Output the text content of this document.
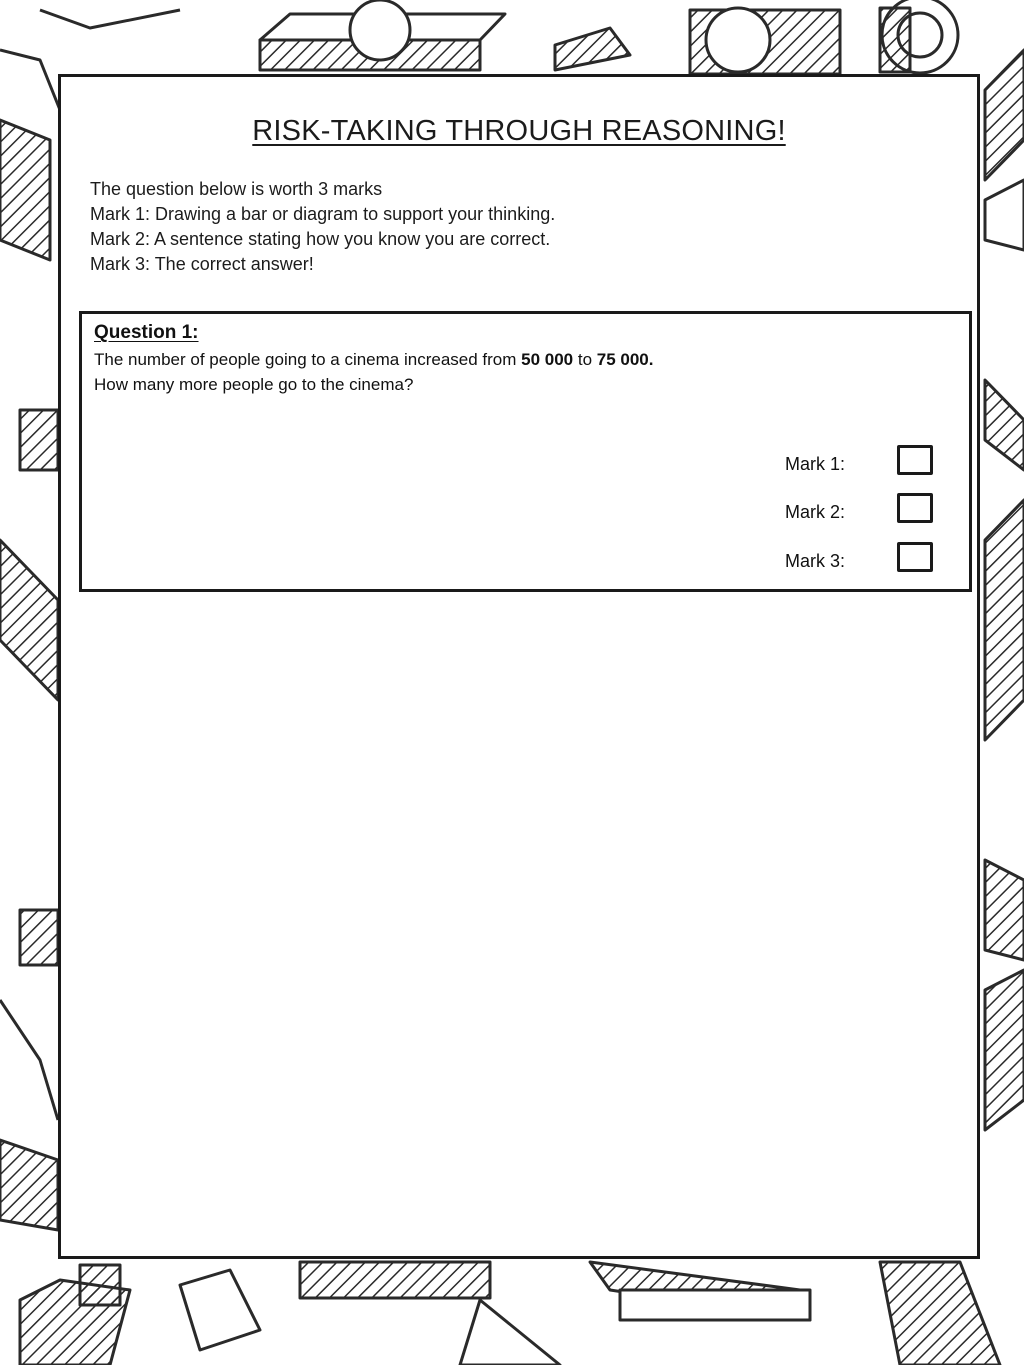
RISK-TAKING THROUGH REASONING!
The question below is worth 3 marks
Mark 1: Drawing a bar or diagram to support your thinking.
Mark 2: A sentence stating how you know you are correct.
Mark 3: The correct answer!
Question 1:
The number of people going to a cinema increased from 50 000 to 75 000.
How many more people go to the cinema?
Mark 1:
Mark 2:
Mark 3:
